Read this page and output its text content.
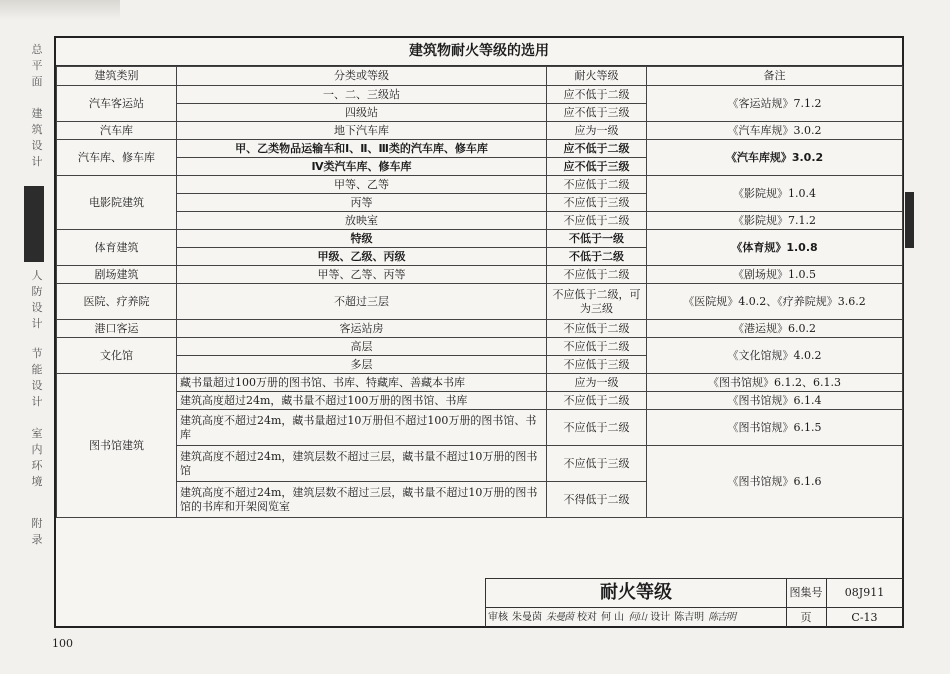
总
平
面
建
筑
设
计
人
防
设
计
节
能
设
计
室
内
环
境
附
录
建筑物耐火等级的选用
建筑类别	分类或等级	耐火等级	备注
汽车客运站	一、二、三级站	应不低于二级	《客运站规》7.1.2
	四级站	应不低于三级	
汽车库	地下汽车库	应为一级	《汽车库规》3.0.2
汽车库、修车库	甲、乙类物品运输车和Ⅰ、Ⅱ、Ⅲ类的汽车库、修车库	应不低于二级	《汽车库规》3.0.2
	Ⅳ类汽车库、修车库	应不低于三级	
电影院建筑	甲等、乙等	不应低于二级	《影院规》1.0.4
	丙等	不应低于三级	
	放映室	不应低于二级	《影院规》7.1.2
体育建筑	特级	不低于一级	《体育规》1.0.8
	甲级、乙级、丙级	不低于二级	
剧场建筑	甲等、乙等、丙等	不应低于二级	《剧场规》1.0.5
医院、疗养院	不超过三层	不应低于二级，可为三级	《医院规》4.0.2、《疗养院规》3.6.2
港口客运	客运站房	不应低于二级	《港运规》6.0.2
文化馆	高层	不应低于二级	《文化馆规》4.0.2
	多层	不应低于三级	
图书馆建筑	藏书量超过100万册的图书馆、书库、特藏库、善藏本书库	应为一级	《图书馆规》6.1.2、6.1.3
	建筑高度超过24m，藏书量不超过100万册的图书馆、书库	不应低于二级	《图书馆规》6.1.4
	建筑高度不超过24m，藏书量超过10万册但不超过100万册的图书馆、书库	不应低于二级	《图书馆规》6.1.5
	建筑高度不超过24m，建筑层数不超过三层，藏书量不超过10万册的图书馆	不应低于三级	《图书馆规》6.1.6
	建筑高度不超过24m，建筑层数不超过三层，藏书量不超过10万册的图书馆的书库和开架阅览室	不得低于二级	
耐火等级	图集号	08J911
审核 朱曼茵 朱曼茵 校对 何 山 何山 设计 陈吉明 陈吉明	页	C-13
100
